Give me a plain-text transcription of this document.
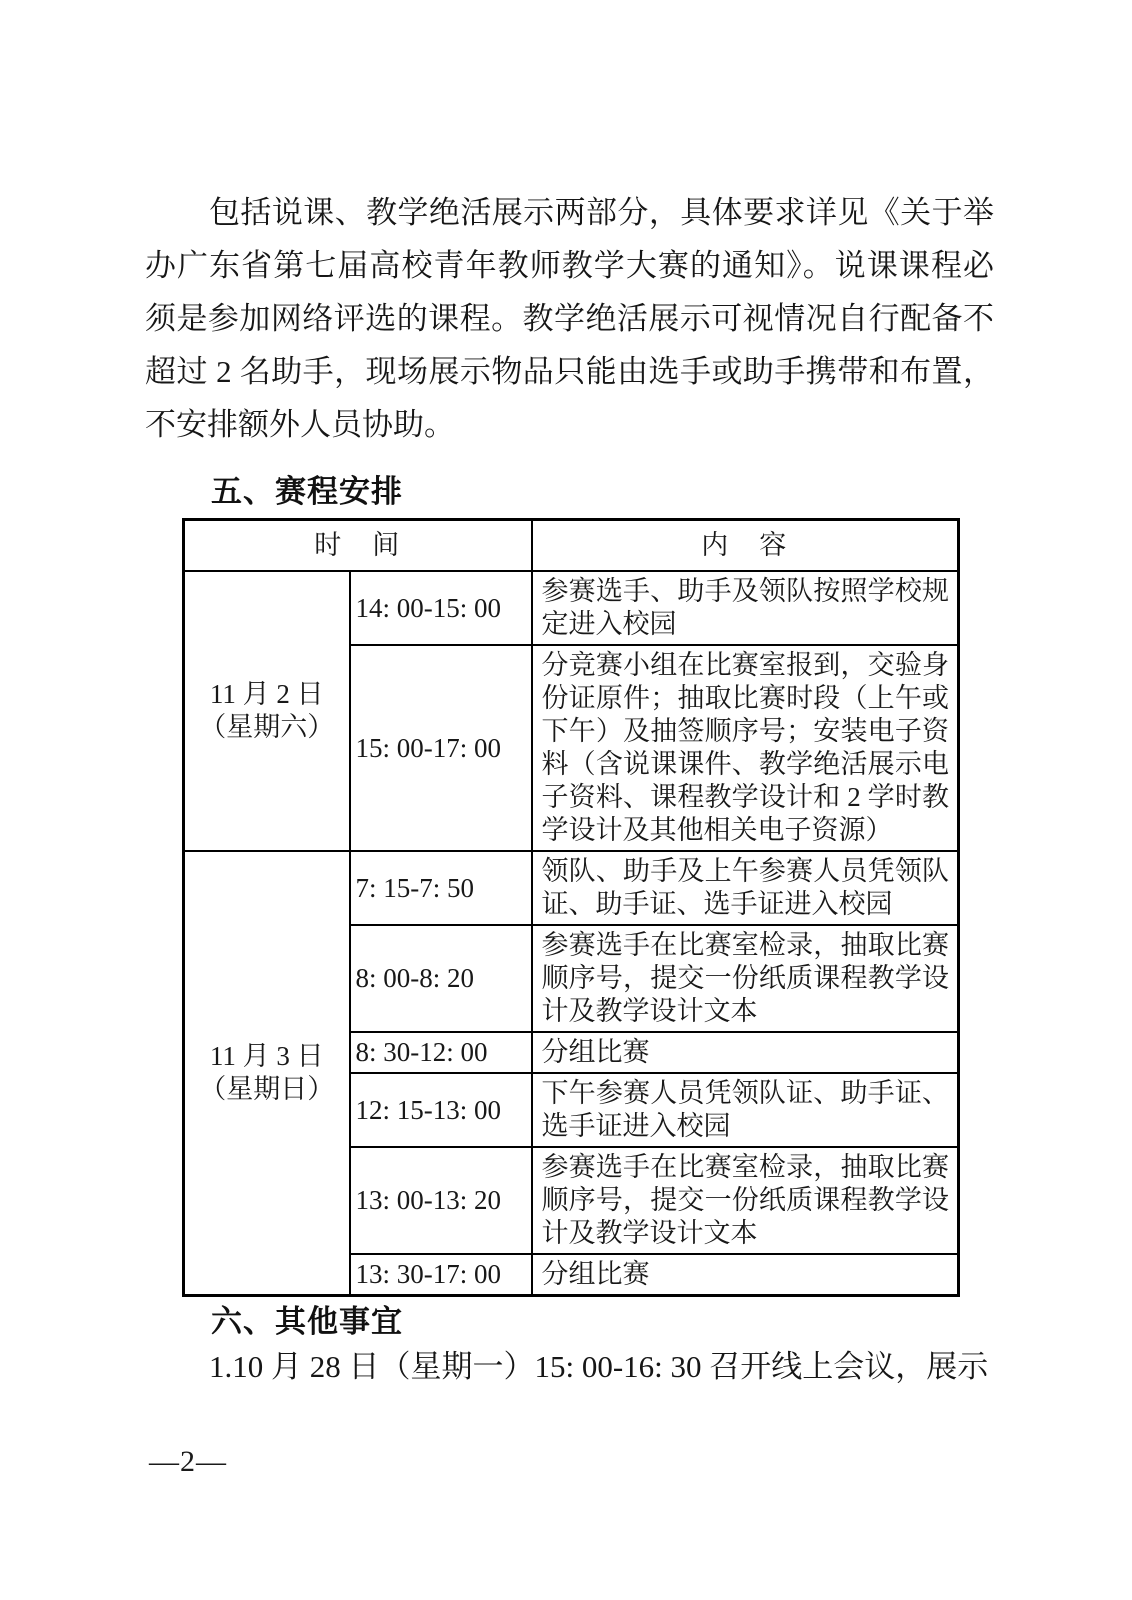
包括说课、教学绝活展示两部分，具体要求详见《关于举办广东省第七届高校青年教师教学大赛的通知》。说课课程必须是参加网络评选的课程。教学绝活展示可视情况自行配备不超过 2 名助手，现场展示物品只能由选手或助手携带和布置，不安排额外人员协助。

五、赛程安排
时　间		内　容
11 月 2 日
（星期六）	14: 00-15: 00	参赛选手、助手及领队按照学校规定进入校园
	15: 00-17: 00	分竞赛小组在比赛室报到，交验身份证原件；抽取比赛时段（上午或下午）及抽签顺序号；安装电子资料（含说课课件、教学绝活展示电子资料、课程教学设计和 2 学时教学设计及其他相关电子资源）
11 月 3 日
（星期日）	7: 15-7: 50	领队、助手及上午参赛人员凭领队证、助手证、选手证进入校园
	8: 00-8: 20	参赛选手在比赛室检录，抽取比赛顺序号，提交一份纸质课程教学设计及教学设计文本
	8: 30-12: 00	分组比赛
	12: 15-13: 00	下午参赛人员凭领队证、助手证、选手证进入校园
	13: 00-13: 20	参赛选手在比赛室检录，抽取比赛顺序号，提交一份纸质课程教学设计及教学设计文本
	13: 30-17: 00	分组比赛
六、其他事宜

1.10 月 28 日（星期一）15: 00-16: 30 召开线上会议，展示

—2—
